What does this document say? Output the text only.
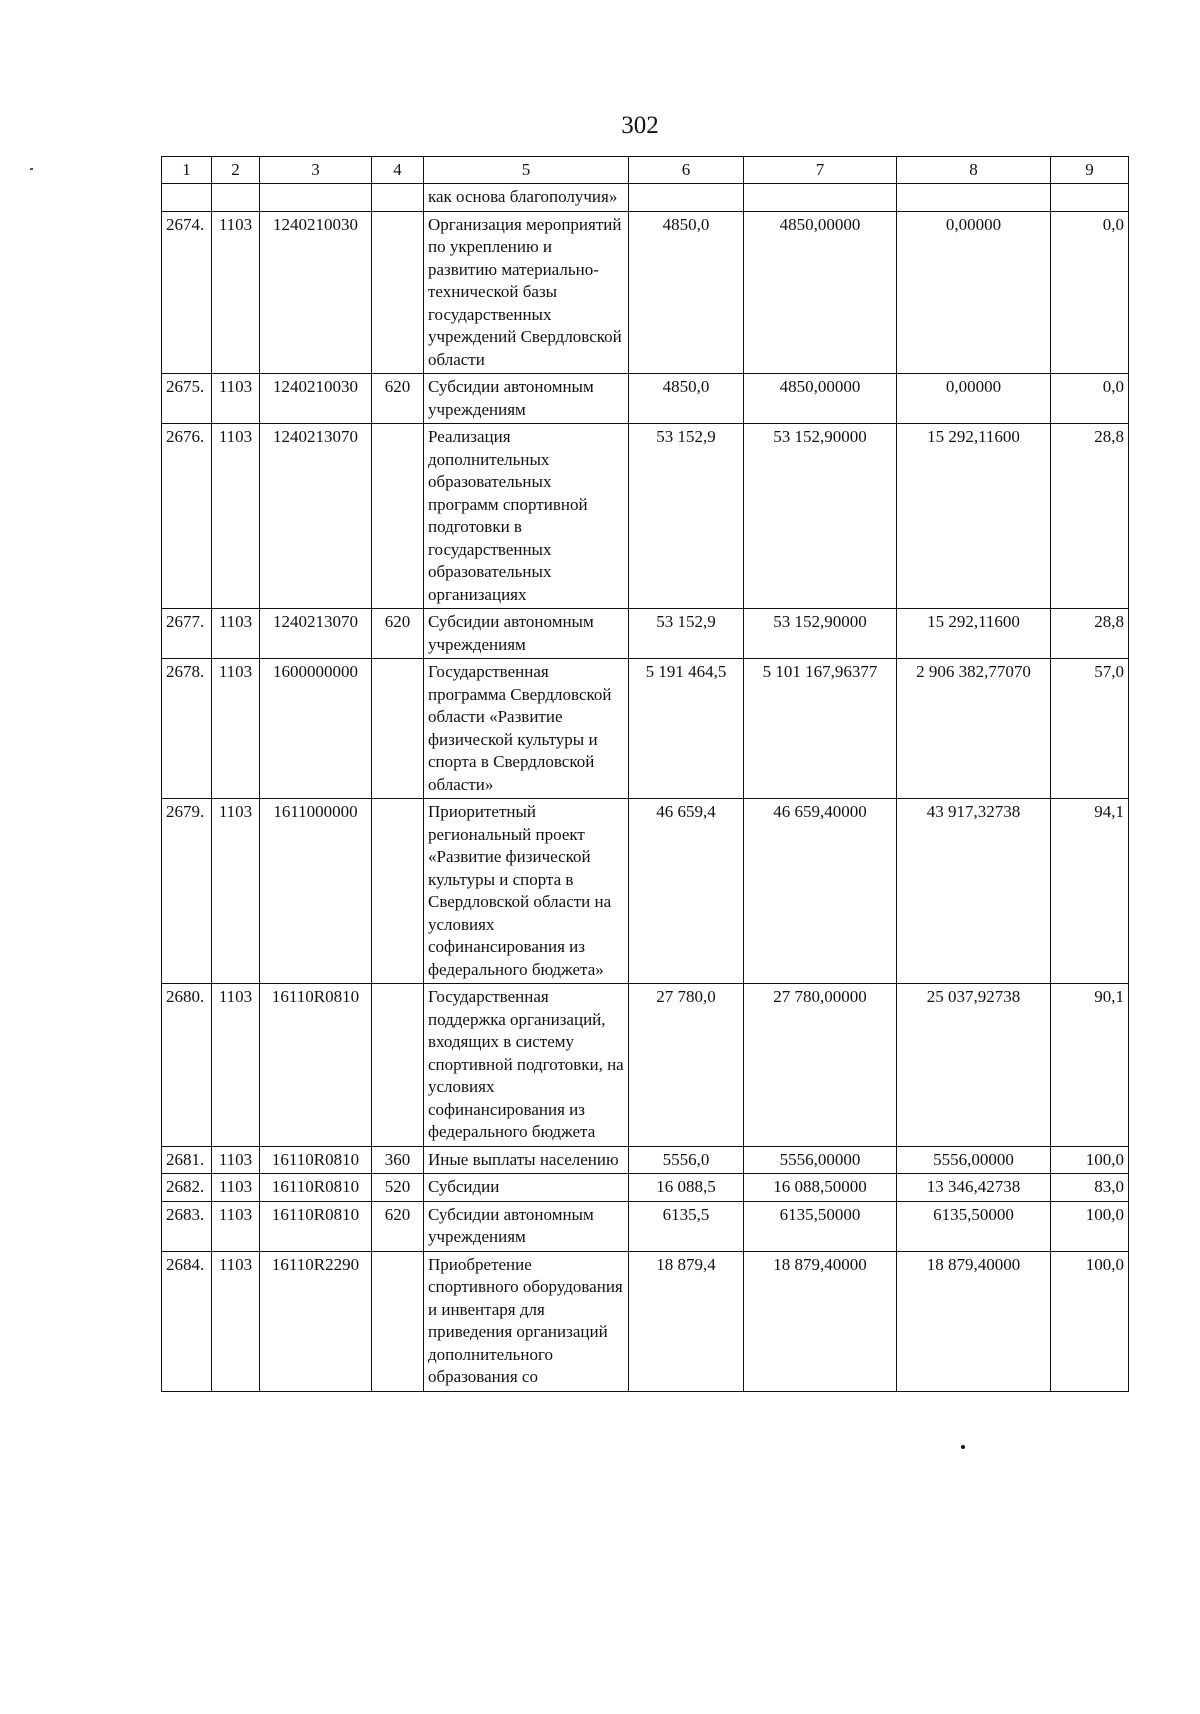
302
1	2	3	4	5	6	7	8	9
				как основа благополучия»				
2674.	1103	1240210030		Организация мероприятий по укреплению и развитию материально-технической базы государственных учреждений Свердловской области	4850,0	4850,00000	0,00000	0,0
2675.	1103	1240210030	620	Субсидии автономным учреждениям	4850,0	4850,00000	0,00000	0,0
2676.	1103	1240213070		Реализация дополнительных образовательных программ спортивной подготовки в государственных образовательных организациях	53 152,9	53 152,90000	15 292,11600	28,8
2677.	1103	1240213070	620	Субсидии автономным учреждениям	53 152,9	53 152,90000	15 292,11600	28,8
2678.	1103	1600000000		Государственная программа Свердловской области «Развитие физической культуры и спорта в Свердловской области»	5 191 464,5	5 101 167,96377	2 906 382,77070	57,0
2679.	1103	1611000000		Приоритетный региональный проект «Развитие физической культуры и спорта в Свердловской области на условиях софинансирования из федерального бюджета»	46 659,4	46 659,40000	43 917,32738	94,1
2680.	1103	16110R0810		Государственная поддержка организаций, входящих в систему спортивной подготовки, на условиях софинансирования из федерального бюджета	27 780,0	27 780,00000	25 037,92738	90,1
2681.	1103	16110R0810	360	Иные выплаты населению	5556,0	5556,00000	5556,00000	100,0
2682.	1103	16110R0810	520	Субсидии	16 088,5	16 088,50000	13 346,42738	83,0
2683.	1103	16110R0810	620	Субсидии автономным учреждениям	6135,5	6135,50000	6135,50000	100,0
2684.	1103	16110R2290		Приобретение спортивного оборудования и инвентаря для приведения организаций дополнительного образования со	18 879,4	18 879,40000	18 879,40000	100,0
